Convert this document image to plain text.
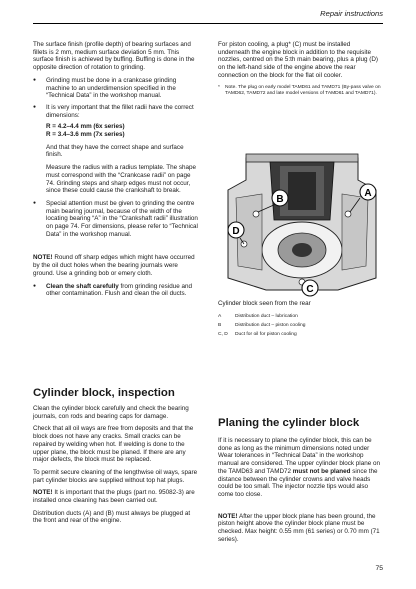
Repair instructions

The surface finish (profile depth) of bearing surfaces and fillets is 2 mm, medium surface deviation 5 mm. This surface finish is achieved by buffing. Buffing is done in the opposite direction of rotation to grinding.

● Grinding must be done in a crankcase grinding machine to an underdimension specified in the “Technical Data” in the workshop manual.
● It is very important that the fillet radii have the correct dimensions:
R = 4.2–4.4 mm (6x series)
R = 3.4–3.6 mm (7x series)

And that they have the correct shape and surface finish.

Measure the radius with a radius template. The shape must correspond with the “Crankcase radii” on page 74. Grinding steps and sharp edges must not occur, since these could cause the crankshaft to break.

● Special attention must be given to grinding the centre main bearing journal, because of the width of the locating bearing “A” in the “Crankshaft radii” illustration on page 74. For dimensions, please refer to “Technical Data” in the workshop manual.

NOTE! Round off sharp edges which might have occurred by the oil duct holes when the bearing journals were ground. Use a grinding bob or emery cloth.

● Clean the shaft carefully from grinding residue and other contamination. Flush and clean the oil ducts.

For piston cooling, a plug* (C) must be installed underneath the engine block in addition to the requisite nozzles, centred on the 5:th main bearing, plus a plug (D) on the left-hand side of the engine above the rear connection on the block for the flat oil cooler.

* Note. The plug on early model TAMD61 and TAMD71 (By-pass valve on TAMD62, TAMD72 and late model versions of TAMD61 and TAMD71).
B
A
D
C
Cylinder block seen from the rear
A	Distribution duct – lubrication
B	Distribution duct – piston cooling
C, D	Duct for oil for piston cooling
Cylinder block, inspection

Clean the cylinder block carefully and check the bearing journals, con rods and bearing caps for damage.

Check that all oil ways are free from deposits and that the block does not have any cracks. Small cracks can be repaired by welding when hot. If welding is done to the upper plane, the block must be planed. If there are any major defects, the block must be replaced.

To permit secure cleaning of the lengthwise oil ways, spare part cylinder blocks are supplied without top hat plugs.

NOTE! It is important that the plugs (part no. 95082-3) are installed once cleaning has been carried out.

Distribution ducts (A) and (B) must always be plugged at the front and rear of the engine.

Planing the cylinder block

If it is necessary to plane the cylinder block, this can be done as long as the minimum dimensions noted under Wear tolerances in “Technical Data” in the workshop manual are considered. The upper cylinder block plane on the TAMD63 and TAMD72 must not be planed since the distance between the cylinder crowns and valve heads could be too small. The injector nozzle tips would also come too close.

NOTE! After the upper block plane has been ground, the piston height above the cylinder block plane must be checked. Max height: 0.55 mm (61 series) or 0.70 mm (71 series).

75
